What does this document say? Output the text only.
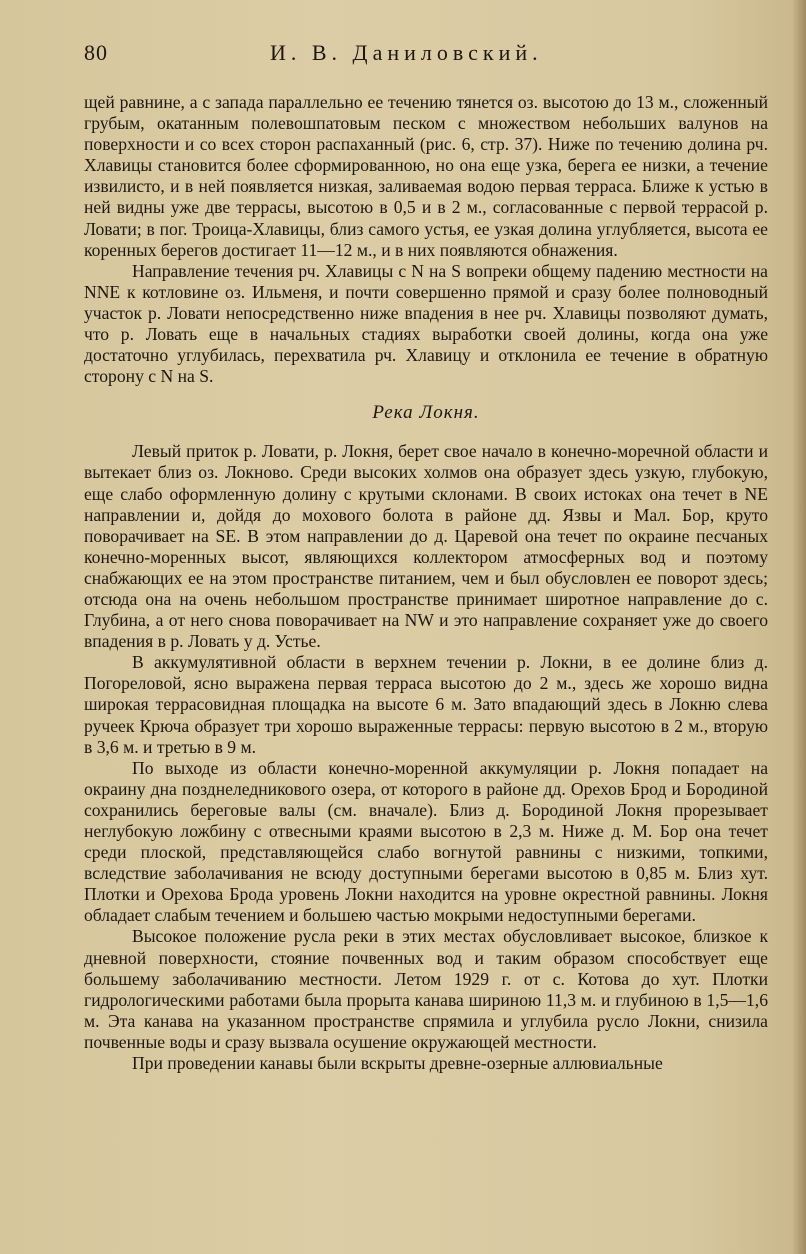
80	И. В. Даниловский.

щей равнине, а с запада параллельно ее течению тянется оз. высотою до 13 м., сложенный грубым, окатанным полевошпатовым песком с множеством небольших валунов на поверхности и со всех сторон распаханный (рис. 6, стр. 37). Ниже по течению долина рч. Хлавицы становится более сформированною, но она еще узка, берега ее низки, а течение извилисто, и в ней появляется низкая, заливаемая водою первая терраса. Ближе к устью в ней видны уже две террасы, высотою в 0,5 и в 2 м., согласованные с первой террасой р. Ловати; в пог. Троица-Хлавицы, близ самого устья, ее узкая долина углубляется, высота ее коренных берегов достигает 11—12 м., и в них появляются обнажения.

Направление течения рч. Хлавицы с N на S вопреки общему падению местности на NNE к котловине оз. Ильменя, и почти совершенно прямой и сразу более полноводный участок р. Ловати непосредственно ниже впадения в нее рч. Хлавицы позволяют думать, что р. Ловать еще в начальных стадиях выработки своей долины, когда она уже достаточно углубилась, перехватила рч. Хлавицу и отклонила ее течение в обратную сторону с N на S.

Река Локня.

Левый приток р. Ловати, р. Локня, берет свое начало в конечно-моречной области и вытекает близ оз. Локново. Среди высоких холмов она образует здесь узкую, глубокую, еще слабо оформленную долину с крутыми склонами. В своих истоках она течет в NE направлении и, дойдя до мохового болота в районе дд. Язвы и Мал. Бор, круто поворачивает на SE. В этом направлении до д. Царевой она течет по окраине песчаных конечно-моренных высот, являющихся коллектором атмосферных вод и поэтому снабжающих ее на этом пространстве питанием, чем и был обусловлен ее поворот здесь; отсюда она на очень небольшом пространстве принимает широтное направление до с. Глубина, а от него снова поворачивает на NW и это направление сохраняет уже до своего впадения в р. Ловать у д. Устье.

В аккумулятивной области в верхнем течении р. Локни, в ее долине близ д. Погореловой, ясно выражена первая терраса высотою до 2 м., здесь же хорошо видна широкая террасовидная площадка на высоте 6 м. Зато впадающий здесь в Локню слева ручеек Крюча образует три хорошо выраженные террасы: первую высотою в 2 м., вторую в 3,6 м. и третью в 9 м.

По выходе из области конечно-моренной аккумуляции р. Локня попадает на окраину дна позднеледникового озера, от которого в районе дд. Орехов Брод и Бородиной сохранились береговые валы (см. вначале). Близ д. Бородиной Локня прорезывает неглубокую ложбину с отвесными краями высотою в 2,3 м. Ниже д. М. Бор она течет среди плоской, представляющейся слабо вогнутой равнины с низкими, топкими, вследствие заболачивания не всюду доступными берегами высотою в 0,85 м. Близ хут. Плотки и Орехова Брода уровень Локни находится на уровне окрестной равнины. Локня обладает слабым течением и большею частью мокрыми недоступными берегами.

Высокое положение русла реки в этих местах обусловливает высокое, близкое к дневной поверхности, стояние почвенных вод и таким образом способствует еще большему заболачиванию местности. Летом 1929 г. от с. Котова до хут. Плотки гидрологическими работами была прорыта канава шириною 11,3 м. и глубиною в 1,5—1,6 м. Эта канава на указанном пространстве спрямила и углубила русло Локни, снизила почвенные воды и сразу вызвала осушение окружающей местности.

При проведении канавы были вскрыты древне-озерные аллювиальные
